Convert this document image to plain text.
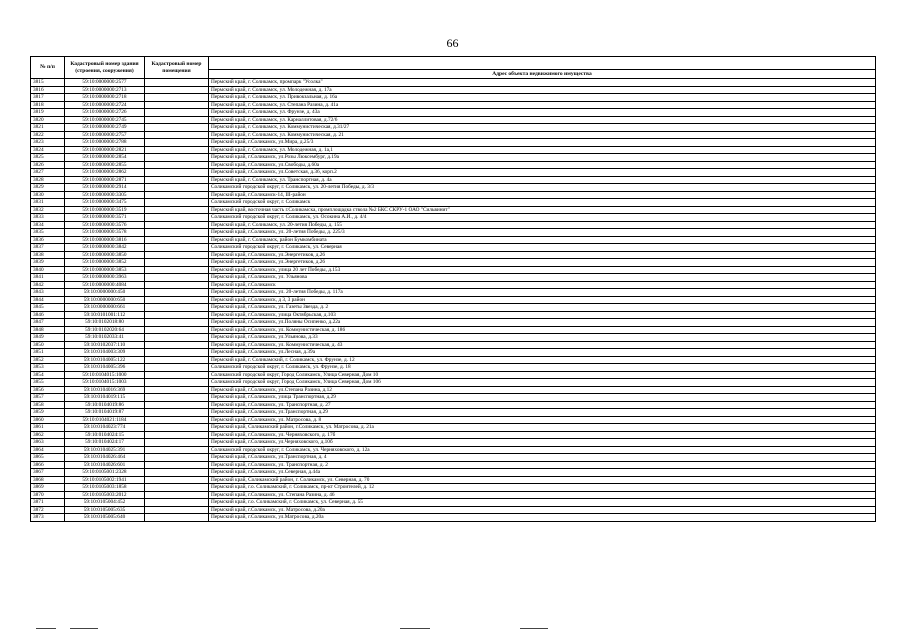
66
№ п/п	Кадастровый номер здания (строения, сооружения)	Кадастровый номер помещения	
			Адрес объекта недвижимого имущества
3815	59:10:0000000:2577		Пермский край, г. Соликамск, промпарк "Усолка"
3816	59:10:0000000:2713		Пермский край, г. Соликамск, ул. Молодежная, д. 17а
3817	59:10:0000000:2718		Пермский край, г. Соликамск, ул. Привокзальная, д. 16а
3818	59:10:0000000:2724		Пермский край, г. Соликамск, ул. Степана Разина, д. 41а
3819	59:10:0000000:2726		Пермский край, г. Соликамск, ул. Фрунзе, д. 43а
3820	59:10:0000000:2745		Пермский край, г. Соликамск, ул. Карналлитовая, д.72/6
3821	59:10:0000000:2749		Пермский край, г. Соликамск, ул. Коммунистическая, д.31/27
3822	59:10:0000000:2757		Пермский край, г. Соликамск, ул. Коммунистическая, д. 21
3823	59:10:0000000:2788		Пермский край, г.Соликамск, ул.Мира, д.25/3
3824	59:10:0000000:2821		Пермский край, г. Соликамск, ул. Молодежная, д. 1а,1
3825	59:10:0000000:2854		Пермский край, г.Соликамск, ул.Розы Люксембург, д.19а
3826	59:10:0000000:2855		Пермский край, г.Соликамск, ул.Свободы, д.60а
3827	59:10:0000000:2862		Пермский край, г.Соликамск, ул.Советская, д.36, корп.2
3828	59:10:0000000:2871		Пермский край, г. Соликамск, ул. Транспортная, д. 4а
3829	59:10:0000000:2914		Соликамский городской округ, г. Соликамск, ул. 20-летия Победы, д. 3/3
3830	59:10:0000000:3305		Пермский край, г.Соликамск-14, III-район
3831	59:10:0000000:3475		Соликамский городской округ, г. Соликамск
3832	59:10:0000000:3519		Пермский край, восточная часть г.Соликамска, промплощадка ствола №2 БКС СКРУ-1 ОАО "Сильвинит"
3833	59:10:0000000:3571		Соликамский городской округ, г. Соликамск, ул. Осокина А.И., д. 4/4
3834	59:10:0000000:3576		Пермский край, г. Соликамск, ул. 20-летия Победы, д. 155
3835	59:10:0000000:3578		Пермский край, г.Соликамск, ул. 20-летия Победы, д. 225/3
3836	59:10:0000000:3816		Пермский край, г. Соликамск, район Бумкомбината
3837	59:10:0000000:3842		Соликамский городской округ, г. Соликамск, ул. Северная
3838	59:10:0000000:3850		Пермский край, г.Соликамск, ул.Энергетиков, д.26
3839	59:10:0000000:3852		Пермский край, г.Соликамск, ул.Энергетиков, д.26
3840	59:10:0000000:3853		Пермский край, г.Соликамск, улица 20 лет Победы, д.153
3841	59:10:0000000:3963		Пермский край, г.Соликамск, ул. Ульянова
3842	59:10:0000000:4084		Пермский край, г.Соликамск
3843	59:10:0000000:450		Пермский край, г.Соликамск, ул. 20-летия Победы, д. 117а
3844	59:10:0000000:650		Пермский край, г.Соликамск, д 3, 3 район
3845	59:10:0000000:661		Пермский край, г.Соликамск, ул. Газеты Звезда, д. 2
3846	59:10:0101001:112		Пермский край, г.Соликамск, улица Октябрьская, д.103
3847	59:10:0102018:80		Пермский край, г.Соликамск, ул.Поляны Осипенко, д.22а
3848	59:10:0102020:64		Пермский край, г.Соликамск, ул. Коммунистическая, д. 186
3849	59:10:0102033:41		Пермский край, г.Соликамск, ул.Ульянова, д.33
3850	59:10:0102037:110		Пермский край, г.Соликамск, ул. Коммунистическая, д. 43
3851	59:10:0104003:309		Пермский край, г.Соликамск, ул.Лесная, д.39а
3852	59:10:0104005:122		Пермский край, г. Соликамский, г. Соликамск, ул. Фрунзе, д. 12
3853	59:10:0104005:396		Соликамский городской округ, г. Соликамск, ул. Фрунзе, д. 18
3854	59:10:0104015:1000		Соликамский городской округ, Город Соликамск, Улица Северная, Дом 10
3855	59:10:0104015:1003		Соликамский городской округ, Город Соликамск, Улица Северная, Дом 106
3856	59:10:0104016:369		Пермский край, г.Соликамск, ул.Степана Разина, д.12
3857	59:10:0104019:115		Пермский край, г.Соликамск, улица Транспортная, д.29
3858	59:10:0104019:86		Пермский край, г.Соликамск, ул. Транспортная, д. 27
3859	59:10:0104019:87		Пермский край, г.Соликамск, ул.Транспортная, д.29
3860	59:10:0104021:1184		Пермский край, г.Соликамск, ул. Матросова, д. 8
3861	59:10:0104023:774		Пермский край, Соликамский район, г.Соликамск, ул. Матросова, д. 21а
3862	59:10:0104024:15		Пермский край, г.Соликамск, ул. Черняховского, д. 17б
3863	59:10:0104024:17		Пермский край, г.Соликамск, ул.Черняховского, д.10б
3864	59:10:0104025:391		Соликамский городской округ, г. Соликамск, ул. Черняховского, д. 12а
3865	59:10:0104026:464		Пермский край, г.Соликамск, ул.Транспортная, д. 4
3866	59:10:0104026:601		Пермский край, г.Соликамск, ул. Транспортная, д. 2
3867	59:10:0105001:2328		Пермский край, г.Соликамск, ул.Северная, д.44а
3868	59:10:0105002:1941		Пермский край, Соликамский район, г. Соликамск, ул. Северная, д. 70
3869	59:10:0105003:1858		Пермский край, г.о. Соликамский, г. Соликамск, пр-кт Строителей, д. 12
3870	59:10:0105003:2012		Пермский край, г.Соликамск, ул. Степана Разина, д. 46
3871	59:10:0105004:452		Пермский край, г.о. Соликамский, г. Соликамск, ул. Северная, д. 55
3872	59:10:0105005:635		Пермский край, г.Соликамск, ул. Матросова, д.20а
3873	59:10:0105005:640		Пермский край, г.Соликамск, ул.Матросова, д.20а
